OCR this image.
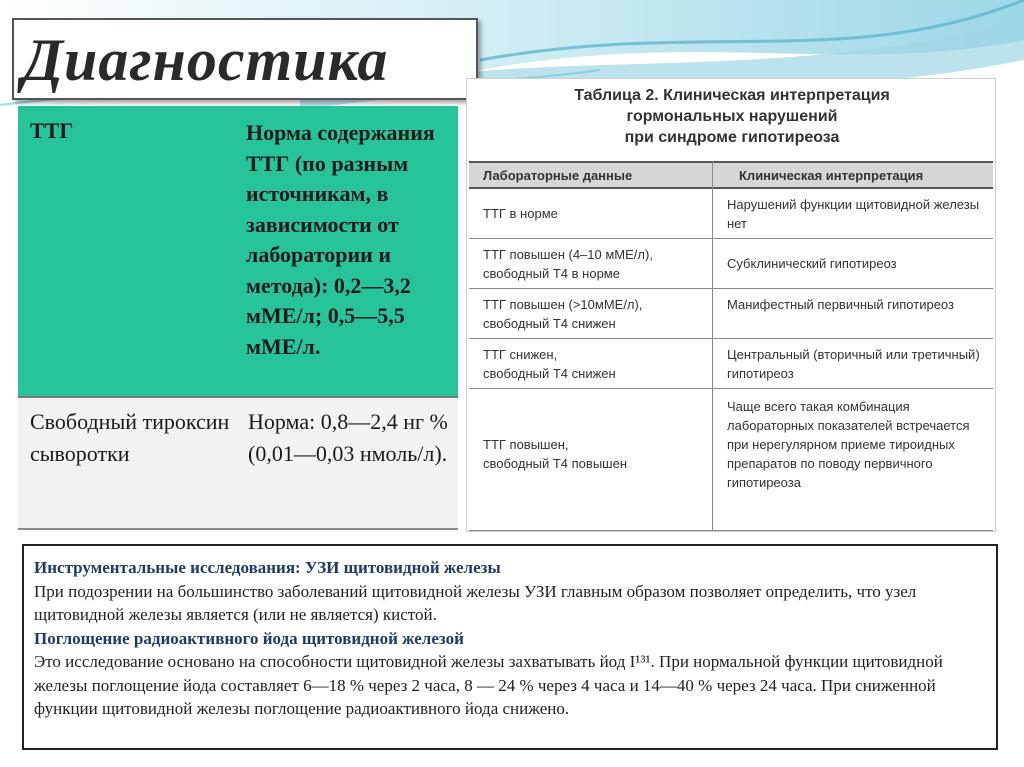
Диагностика
ТТГ	Норма содержания ТТГ (по разным источникам, в зависимости от лаборатории и метода): 0,2—3,2 мМЕ/л; 0,5—5,5 мМЕ/л.
Свободный тироксин сыворотки
Норма: 0,8—2,4 нг % (0,01—0,03 нмоль/л).
Таблица 2. Клиническая интерпретация
гормональных нарушений
при синдроме гипотиреоза
Лабораторные данные	Клиническая интерпретация
ТТГ в норме
Нарушений функции щитовидной железы нет
ТТГ повышен (4–10 мМЕ/л),
свободный Т4 в норме
Субклинический гипотиреоз
ТТГ повышен (>10мМЕ/л),
свободный Т4 снижен
Манифестный первичный гипотиреоз
ТТГ снижен,
свободный Т4 снижен
Центральный (вторичный или третичный) гипотиреоз
ТТГ повышен,
свободный Т4 повышен
Чаще всего такая комбинация лабораторных показателей встречается при нерегулярном приеме тироидных препаратов по поводу первичного гипотиреоза

Инструментальные исследования: УЗИ щитовидной железы

При подозрении на большинство заболеваний щитовидной железы УЗИ главным образом позволяет определить, что узел щитовидной железы является (или не является) кистой.

Поглощение радиоактивного йода щитовидной железой

Это исследование основано на способности щитовидной железы захватывать йод I¹³¹. При нормальной функции щитовидной железы поглощение йода составляет 6—18 % через 2 часа, 8 — 24 % через 4 часа и 14—40 % через 24 часа. При сниженной функции щитовидной железы поглощение радиоактивного йода снижено.
